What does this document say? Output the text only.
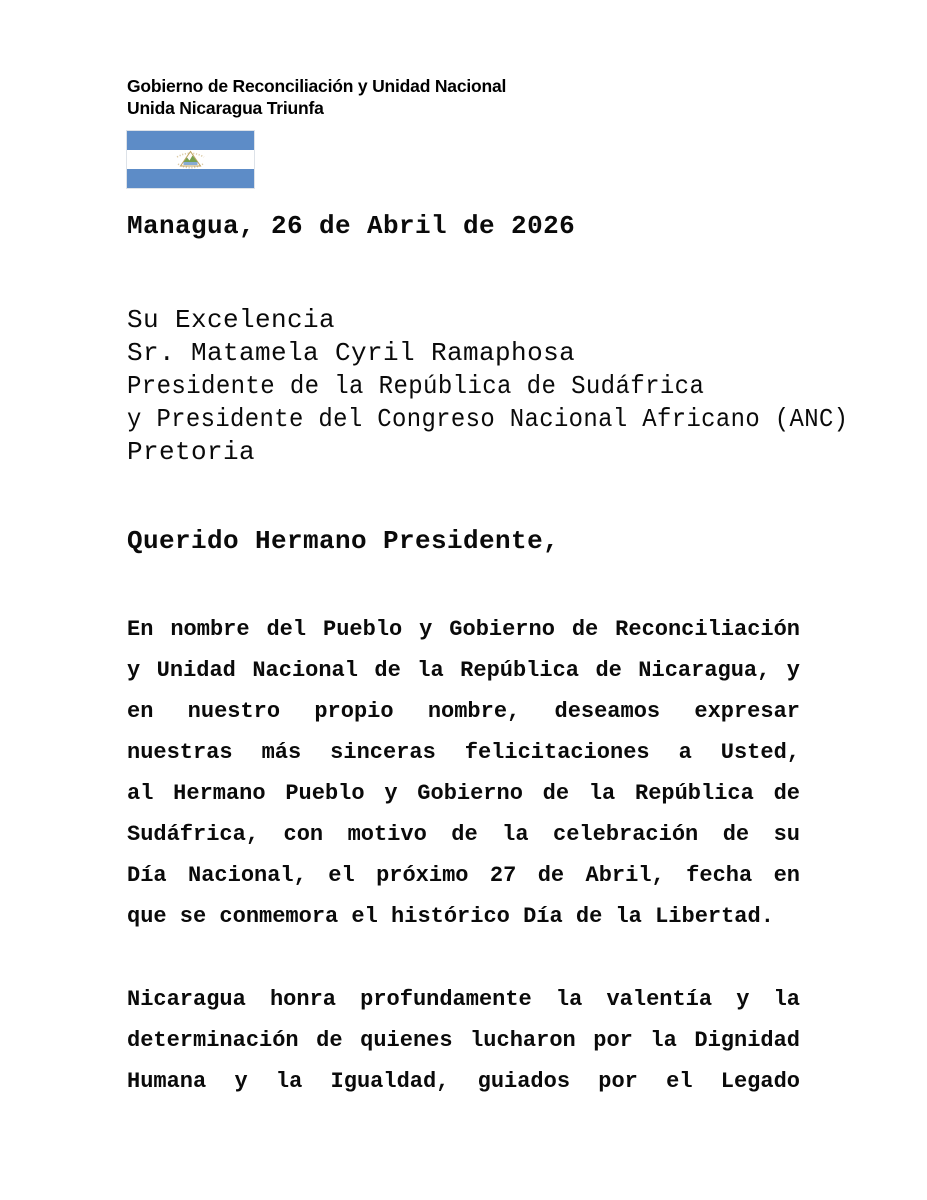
Gobierno de Reconciliación y Unidad Nacional
Unida Nicaragua Triunfa
Managua, 26 de Abril de 2026
Su Excelencia
Sr. Matamela Cyril Ramaphosa
Presidente de la República de Sudáfrica
y Presidente del Congreso Nacional Africano (ANC)
Pretoria
Querido Hermano Presidente,
En nombre del Pueblo y Gobierno de Reconciliación
y Unidad Nacional de la República de Nicaragua, y
en nuestro propio nombre, deseamos expresar
nuestras más sinceras felicitaciones a Usted,
al Hermano Pueblo y Gobierno de la República de
Sudáfrica, con motivo de la celebración de su
Día Nacional, el próximo 27 de Abril, fecha en
que se conmemora el histórico Día de la Libertad.
Nicaragua honra profundamente la valentía y la
determinación de quienes lucharon por la Dignidad
Humana y la Igualdad, guiados por el Legado
